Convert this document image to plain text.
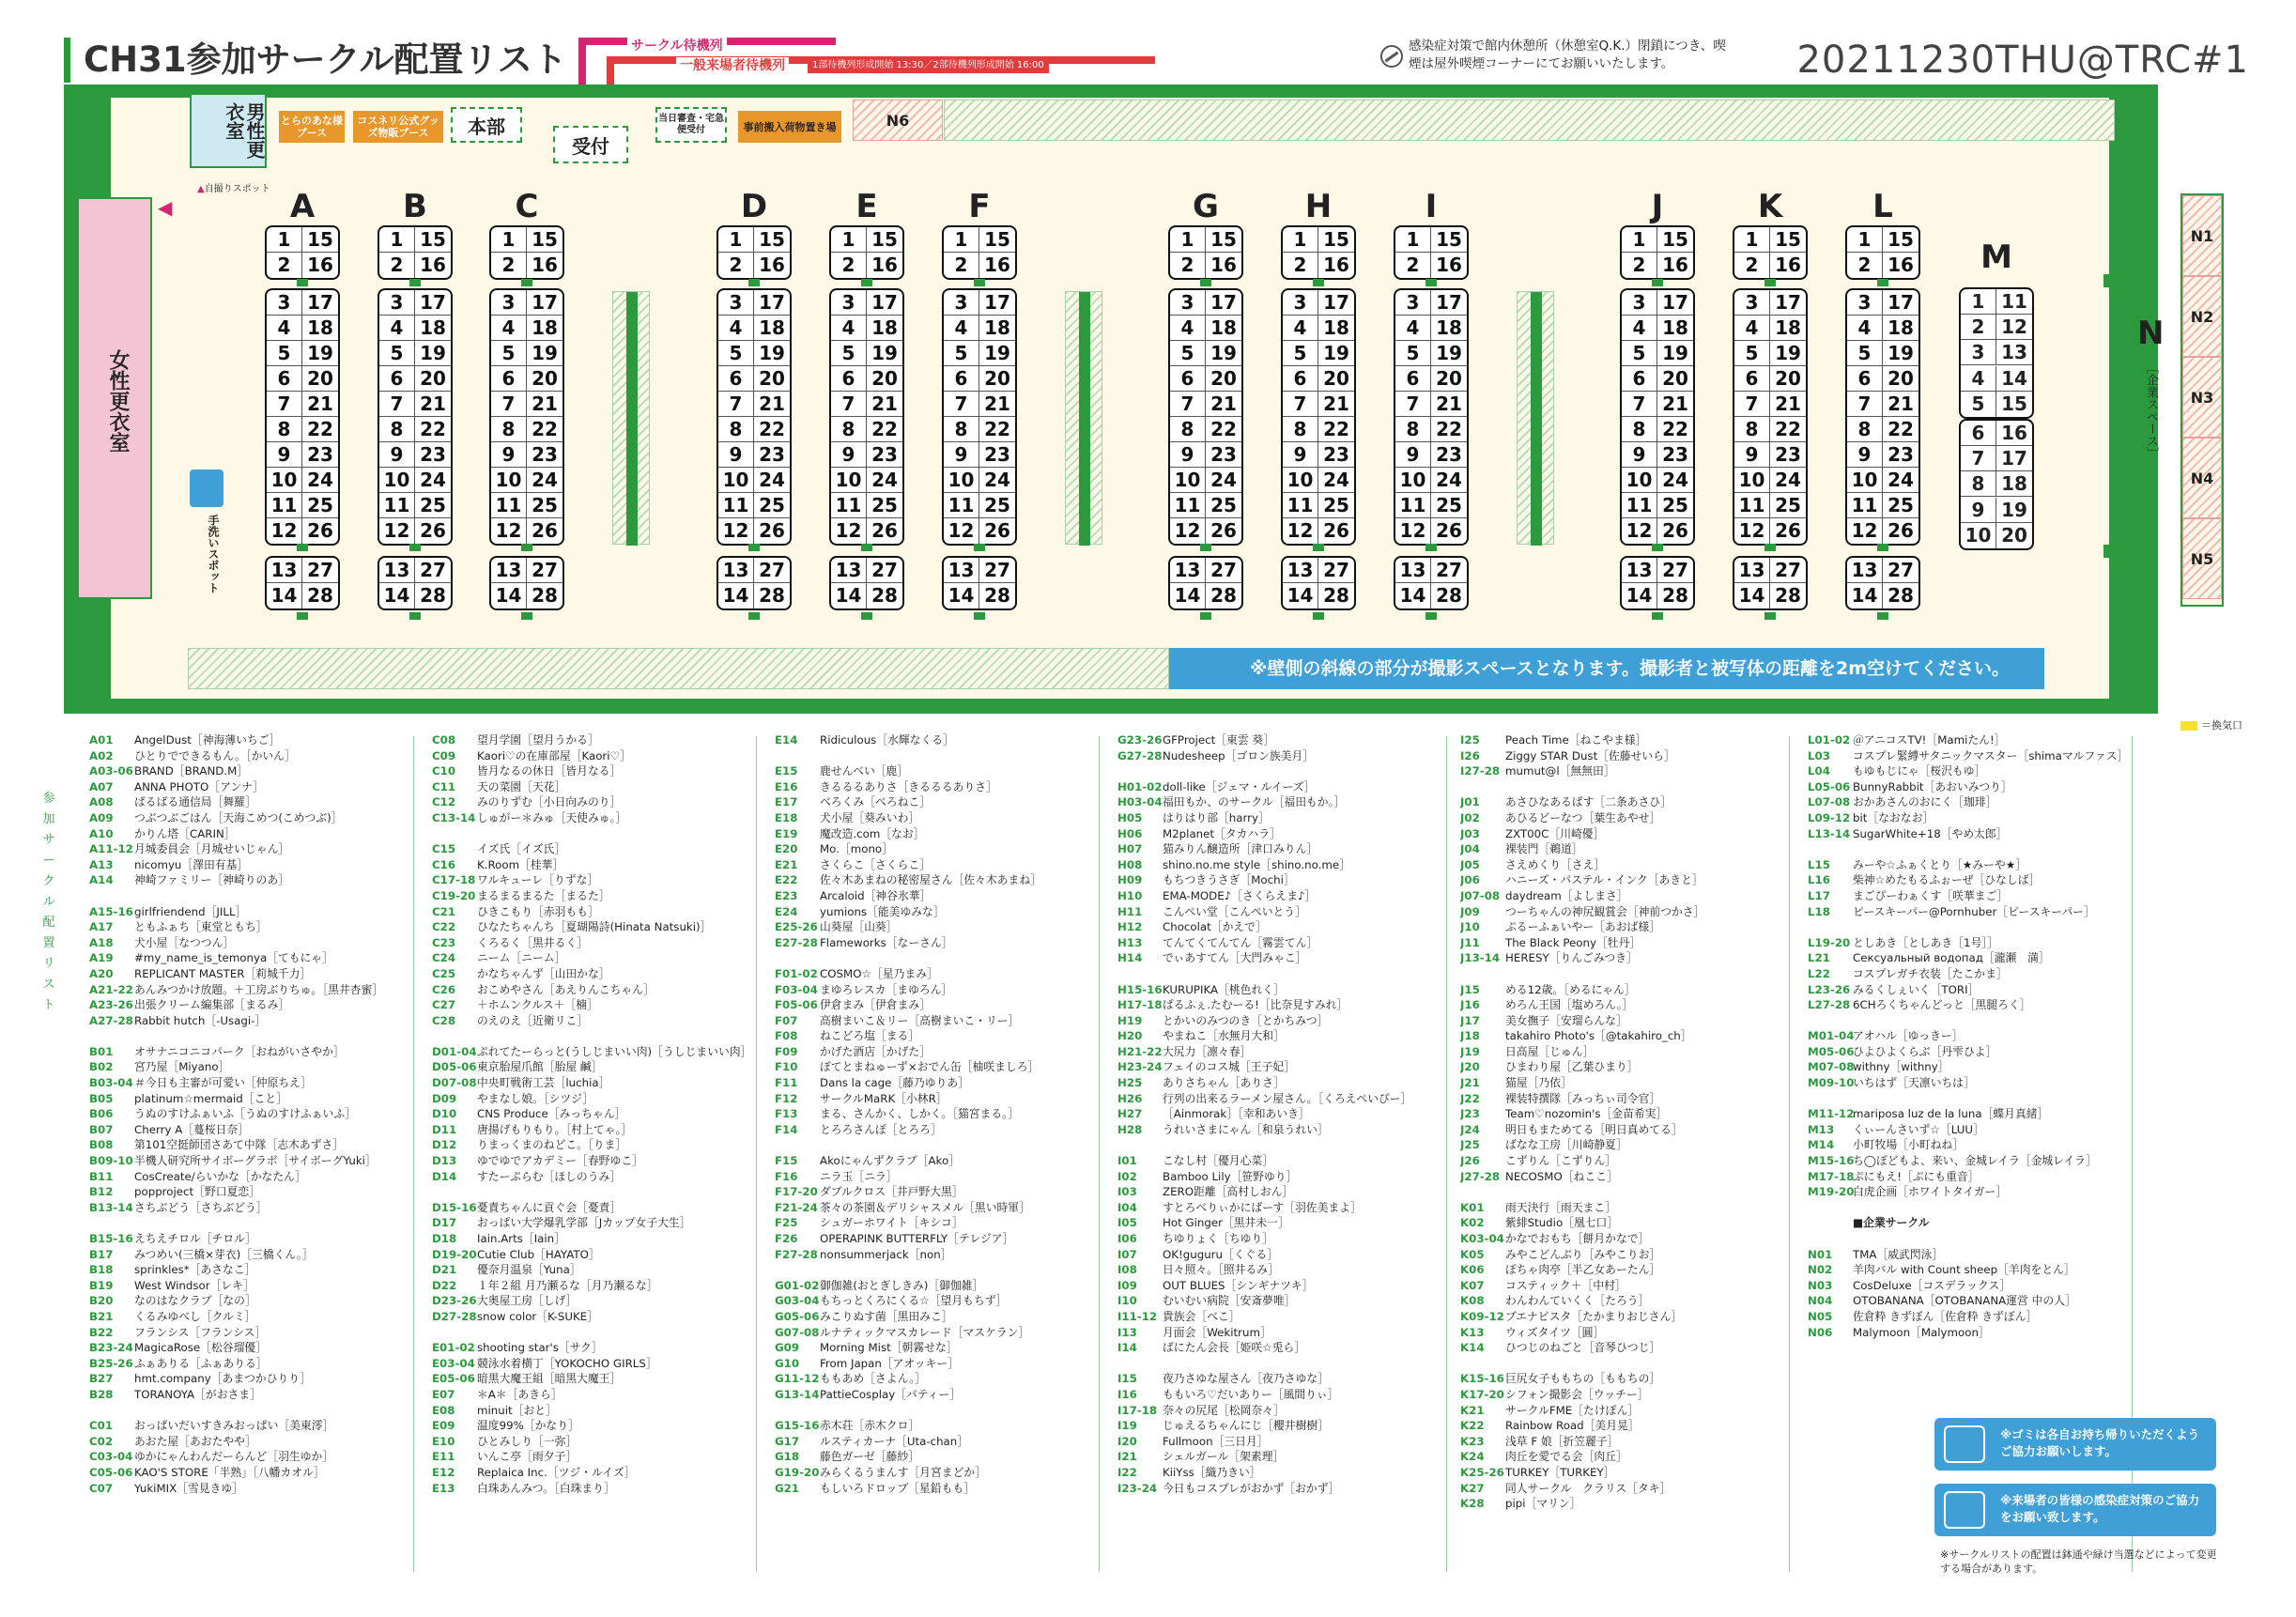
CH31参加サークル配置リスト	20211230THU@TRC#1
感染症対策で館内休憩所（休憩室Q.K.）閉鎖につき、喫煙は屋外喫煙コーナーにてお願いいたします。
サークル待機列
一般来場者待機列	1部待機列形成開始 13:30／2部待機列形成開始 16:00
男性更衣室
▲自撮りスポット
とらのあな様ブース
コスネリ公式グッズ物販ブース	本部
受付
当日審査・宅急便受付	事前搬入荷物置き場	N6
※壁側の斜線の部分が撮影スペースとなります。撮影者と被写体の距離を2m空けてください。
女性更衣室
◀
手洗いスポット
A	B	C	D	E	F	G	H	I	J	K	L
1 15
2 16
3 17
4 18
5 19
6 20
7 21
8 22
9 23
10 24
11 25
12 26
13 27
14 28
1 15
2 16
3 17
4 18
5 19
6 20
7 21
8 22
9 23
10 24
11 25
12 26
13 27
14 28
1 15
2 16
3 17
4 18
5 19
6 20
7 21
8 22
9 23
10 24
11 25
12 26
13 27
14 28
1 15
2 16
3 17
4 18
5 19
6 20
7 21
8 22
9 23
10 24
11 25
12 26
13 27
14 28
1 15
2 16
3 17
4 18
5 19
6 20
7 21
8 22
9 23
10 24
11 25
12 26
13 27
14 28
1 15
2 16
3 17
4 18
5 19
6 20
7 21
8 22
9 23
10 24
11 25
12 26
13 27
14 28
1 15
2 16
3 17
4 18
5 19
6 20
7 21
8 22
9 23
10 24
11 25
12 26
13 27
14 28
1 15
2 16
3 17
4 18
5 19
6 20
7 21
8 22
9 23
10 24
11 25
12 26
13 27
14 28
1 15
2 16
3 17
4 18
5 19
6 20
7 21
8 22
9 23
10 24
11 25
12 26
13 27
14 28
1 15
2 16
3 17
4 18
5 19
6 20
7 21
8 22
9 23
10 24
11 25
12 26
13 27
14 28
1 15
2 16
3 17
4 18
5 19
6 20
7 21
8 22
9 23
10 24
11 25
12 26
13 27
14 28
1 15
2 16
3 17
4 18
5 19
6 20
7 21
8 22
9 23
10 24
11 25
12 26
13 27
14 28
M
1 11
2 12
3 13
4 14
5 15
6 16
7 17
8 18
9 19
10 20
N
［企業スペース］
N1
N2
N3
N4
N5
＝換気口
参加サークル配置リスト
A01 AngelDust［神海薄いちご］
A02 ひとりでできるもん。［かいん］
A03-06BRAND［BRAND.M］
A07 ANNA PHOTO［アンナ］
A08 ぱるばる通信局［舞羅］
A09 つぶつぶごはん［天海こめつ(こめつぶ)］
A10 かりん塔［CARIN］
A11-12月城委員会［月城せいじゃん］
A13 nicomyu［澤田有基］
A14 神崎ファミリー［神崎りのあ］
A15-16girlfriendend［JILL］
A17 ともふぁち［東堂ともち］
A18 犬小屋［なつつん］
A19 #my_name_is_temonya［てもにゃ］
A20 REPLICANT MASTER［莉城千力］
A21-22あんみつかけ放題。＋工房ぶりちゅ。［黒井杏蜜］
A23-26出張クリーム編集部［まるみ］
A27-28Rabbit hutch［-Usagi-］
B01 オサナニコニコパーク［おねがいさやか］
B02 宮乃屋［Miyano］
B03-04＃今日も主審が可愛い［仲原ちえ］
B05 platinum☆mermaid［こと］
B06 うぬのすけふぁいふ［うぬのすけふぁいふ］
B07 Cherry A［蔓桜日奈］
B08 第101空挺師団さあて中隊［志木あずさ］
B09-10半機人研究所サイボーグラボ［サイボーグYuki］
B11 CosCreate/らいかな［かなたん］
B12 popproject［野口夏恋］
B13-14さちぶどう［さちぶどう］
B15-16えちえチロル［チロル］
B17 みつめい(三橋×芽衣)［三橋くん。］
B18 sprinkles*［あさなこ］
B19 West Windsor［レキ］
B20 なのはなクラブ［なの］
B21 くるみゆべし［クルミ］
B22 フランシス［フランシス］
B23-24MagicaRose［松谷瑠優］
B25-26ふぁありる［ふぁありる］
B27 hmt.company［あまつかひりり］
B28 TORANOYA［がおさま］
C01 おっぱいだいすきみおっぱい［美東澪］
C02 あおた屋［あおたやや］
C03-04 ゆかにゃんわんだーらんど［羽生ゆか］
C05-06 KAO'S STORE「半熟」［八幡カオル］
C07 YukiMIX［雪見きゆ］
C08 望月学園［望月うかる］
C09 Kaori♡の在庫部屋［Kaori♡］
C10 皆月なるの休日［皆月なる］
C11 天の菜園［天花］
C12 みのりずむ［小日向みのり］
C13-14 しゅがー＊みゅ［天使みゅ。］
C15 イズ氏［イズ氏］
C16 K.Room［桂華］
C17-18 ワルキューレ［りずな］
C19-20 まるまるまるた［まるた］
C21 ひきこもり［赤羽もも］
C22 ひなたちゃんち［夏瑚陽詩(Hinata Natsuki)］
C23 くろるく［黒井るく］
C24 ニーム［ニーム］
C25 かなちゃんず［山田かな］
C26 おこめやさん［あえりんこちゃん］
C27 ＋ホムンクルス＋［楠］
C28 のえのえ［近衛リこ］
D01-04ぷれてたーらっと(うしじまいい肉)［うしじまいい肉］
D05-06東京胎屋爪館［胎屋 鹹］
D07-08中央町戦術工芸［luchia］
D09 やまなし娘。［シツジ］
D10 CNS Produce［みっちゃん］
D11 唐揚げもりもり。［村上てゃ。］
D12 りまっくまのねどこ。［りま］
D13 ゆでゆでアカデミー［春野ゆこ］
D14 すたーぷらむ［ほしのうみ］
D15-16憂責ちゃんに貢ぐ会［憂責］
D17 おっぱい大学爆乳学部［Jカップ女子大生］
D18 Iain.Arts［Iain］
D19-20Cutie Club［HAYATO］
D21 優奈月温泉［Yuna］
D22 １年２組 月乃瀬るな［月乃瀬るな］
D23-26大奥屋工房［しげ］
D27-28snow color［K-SUKE］
E01-02 shooting star's［サク］
E03-04 競泳水着横丁［YOKOCHO GIRLS］
E05-06 暗黒大魔王組［暗黒大魔王］
E07 ＊A＊［あきら］
E08 minuit［おと］
E09 温度99%［かなり］
E10 ひとみしり［一弥］
E11 いんこ亭［雨夕子］
E12 Replaica Inc.［ツジ・ルイズ］
E13 白珠あんみつ。［白珠まり］
E14 Ridiculous［水輝なくる］
E15 鹿せんべい［鹿］
E16 きるるるありさ［きるるるありさ］
E17 べろくみ［べろねこ］
E18 犬小屋［葵みいわ］
E19 魔改造.com［なお］
E20 Mo.［mono］
E21 さくらこ［さくらこ］
E22 佐々木あまねの秘密屋さん［佐々木あまね］
E23 Arcaloid［神谷氷華］
E24 yumions［能美ゆみな］
E25-26 山葵屋［山葵］
E27-28 Flameworks［なーさん］
F01-02 COSMO☆［星乃まみ］
F03-04 まゆろレスカ［まゆろん］
F05-06 伊倉まみ［伊倉まみ］
F07 高樹まいこ＆リー［高樹まいこ・リー］
F08 ねこどろ塩［まる］
F09 かげた酒店［かげた］
F10 ぽてとまねゅーず×おでん缶［柚咲ましろ］
F11 Dans la cage［藤乃ゆりあ］
F12 サークルMaRK［小林R］
F13 まる、さんかく、しかく。［猫宮まる。］
F14 とろろさんぽ［とろろ］
F15 Akoにゃんずクラブ［Ako］
F16 ニラ玉［ニラ］
F17-20 ダブルクロス［井戸野大黒］
F21-24 茶々の茶園＆デリシャスメル［黒い時軍］
F25 シュガーホワイト［キシコ］
F26 OPERAPINK BUTTERFLY［テレジア］
F27-28 nonsummerjack［non］
G01-02御伽雑(おとぎしきみ)［御伽雑］
G03-04もちっとくろにくる☆［望月もちず］
G05-06みこりぬす菌［黒田みこ］
G07-08ルナティックマスカレード［マスケラン］
G09 Morning Mist［朝霧せな］
G10 From Japan［アオッキー］
G11-12ももあめ［さよん。］
G13-14PattieCosplay［パティー］
G15-16赤木荘［赤木クロ］
G17 ルスティカーナ［Uta-chan］
G18 藤色ガーゼ［藤紗］
G19-20みらくるうまんす［月宮まどか］
G21 もしいろドロップ［星鉛もも］
G23-26GFProject［東雲 葵］
G27-28Nudesheep［ゴロン族美月］
H01-02doll-like［ジェマ・ルイーズ］
H03-04福田もか、のサークル［福田もか。］
H05 はりはり部［harry］
H06 M2planet［タカハラ］
H07 猫みりん醸造所［津口みりん］
H08 shino.no.me style［shino.no.me］
H09 もちつきうさぎ［Mochi］
H10 EMA-MODE♪［さくらえま♪］
H11 こんぺい堂［こんぺいとう］
H12 Chocolat［かえで］
H13 てんてくてんてん［霧雲てん］
H14 でぃあすてん［大門みゃこ］
H15-16KURUPIKA［桃色れく］
H17-18ぱるふぇ.たむーる!［比奈見すみれ］
H19 とかいのみつのき［とかちみつ］
H20 やまねこ［水無月大和］
H21-22大尻力［凛々春］
H23-24フェイのコス城［王子妃］
H25 ありさちゃん［ありさ］
H26 行列の出来るラーメン屋さん。［くろえぺいぴー］
H27 ［Ainmorak］［幸和あいき］
H28 うれいさまにゃん［和泉うれい］
I01 こなし村［優月心菜］
I02 Bamboo Lily［笹野ゆり］
I03 ZERO距離［高村しおん］
I04 すとろべりぃかにばーす［羽佐美まよ］
I05 Hot Ginger［黒井未一］
I06 ちゆりょく［ちゆり］
I07 OK!guguru［くぐる］
I08 日々照々。［照井るみ］
I09 OUT BLUES［シンギナツキ］
I10 むいむい病院［安斎夢唯］
I11-12 貴族会［べこ］
I13 月面会［Wekitrum］
I14 ばにたん会長［姫咲☆兎ら］
I15 夜乃さゆな屋さん［夜乃さゆな］
I16 ももいろ♡だいありー［風間りぃ］
I17-18 奈々の尻尾［松岡奈々］
I19 じゅえるちゃんにじ［櫻井樹樹］
I20 Fullmoon［三日月］
I21 シェルガール［架素理］
I22 KiiYss［織乃きい］
I23-24 今日もコスプレがおかず［おかず］
I25 Peach Time［ねこやま様］
I26 Ziggy STAR Dust［佐藤せいら］
I27-28 mumut@l［無無田］
J01 あさひなあるばす［二条あさひ］
J02 あひるどーなつ［葉生あやせ］
J03 ZXT00C［川崎優］
J04 裸装門［鵜道］
J05 さえめくり［さえ］
J06 ハニーズ・パステル・インク［あきと］
J07-08 daydream［よしまさ］
J09 つーちゃんの神尻観賞会［神前つかさ］
J10 ぷるーふぁいやー［あおば様］
J11 The Black Peony［牡丹］
J13-14 HERESY［りんごみつき］
J15 める12歳。［めるにゃん］
J16 めろん王国［塩めろん。］
J17 美女撫子［安瑠らんな］
J18 takahiro Photo's［@takahiro_ch］
J19 日高屋［じゅん］
J20 ひまわり屋［乙葉ひまり］
J21 猫屋［乃依］
J22 裸装特撰隊［みっちぃ司令官］
J23 Team♡nozomin's［金苗希実］
J24 明日もまためてる［明日真めてる］
J25 ばなな工房［川崎静夏］
J26 こずりん［こずりん］
J27-28 NECOSMO［ねここ］
K01 雨天決行［雨天まこ］
K02 紫緋Studio［凰七口］
K03-04かなでおもち［餅月かなで］
K05 みやこどんぶり［みやこりお］
K06 ぽちゃ肉亭［半乙女あーたん］
K07 コスティック＋［中村］
K08 わんわんていくく［たろう］
K09-12ブエナビスタ［たかまりおじさん］
K13 ウィズタイツ［圓］
K14 ひつじのねごと［音琴ひつじ］
K15-16巨尻女子ももちの［ももちの］
K17-20シフォン撮影会［ウッチー］
K21 サークルFME［たけぽん］
K22 Rainbow Road［美月晃］
K23 浅草 F 娘［折笠麗子］
K24 肉丘を愛でる会［肉丘］
K25-26TURKEY［TURKEY］
K27 同人サークル　クラリス［タキ］
K28 pipi［マリン］
L01-02 ＠アニコスTV!［Mamiたん!］
L03 コスプレ緊縛サタニックマスター［shimaマルファス］
L04 もゆもじにゃ［桜沢もゆ］
L05-06 BunnyRabbit［あおいみつり］
L07-08 おかあさんのおにく［珈琲］
L09-12 bit［なおなお］
L13-14 SugarWhite+18［やめ太郎］
L15 みーや☆ふぁくとり［★みーや★］
L16 柴神☆めたもるふぉーぜ［ひなしば］
L17 まごぴーわぁくす［咲華まご］
L18 ピースキーパー@Pornhuber［ピースキーパー］
L19-20 としあき［としあき［1号］］
L21 Сексуальный водопад［瀧瀬　満］
L22 コスプレガチ衣装［たこかま］
L23-26 みるくしぇいく［TORI］
L27-28 6CHろくちゃんどっと［黒腿ろく］
M01-04アオハル［ゆっきー］
M05-06ひよひよくらぶ［丹雫ひよ］
M07-08withny［withny］
M09-10いちはず［天凛いちは］
M11-12mariposa luz de la luna［蝶月真緒］
M13 くぃーんさいず☆［LUU］
M14 小町牧場［小町ねね］
M15-16ち◯ぽどもよ、来い、金城レイラ［金城レイラ］
M17-18ぷにもえ!［ぷにも重音］
M19-20白虎企画［ホワイトタイガー］
■企業サークル
N01 TMA［威武閃泳］
N02 羊肉バル with Count sheep［羊肉をとん］
N03 CosDeluxe［コスデラックス］
N04 OTOBANANA［OTOBANANA運営 中の人］
N05 佐倉粋 きずぼん［佐倉粋 きずぼん］
N06 Malymoon［Malymoon］
※ゴミは各自お持ち帰りいただくようご協力お願いします。
※来場者の皆様の感染症対策のご協力をお願い致します。
※サークルリストの配置は鉢通や緑け当選などによって変更する場合があります。
